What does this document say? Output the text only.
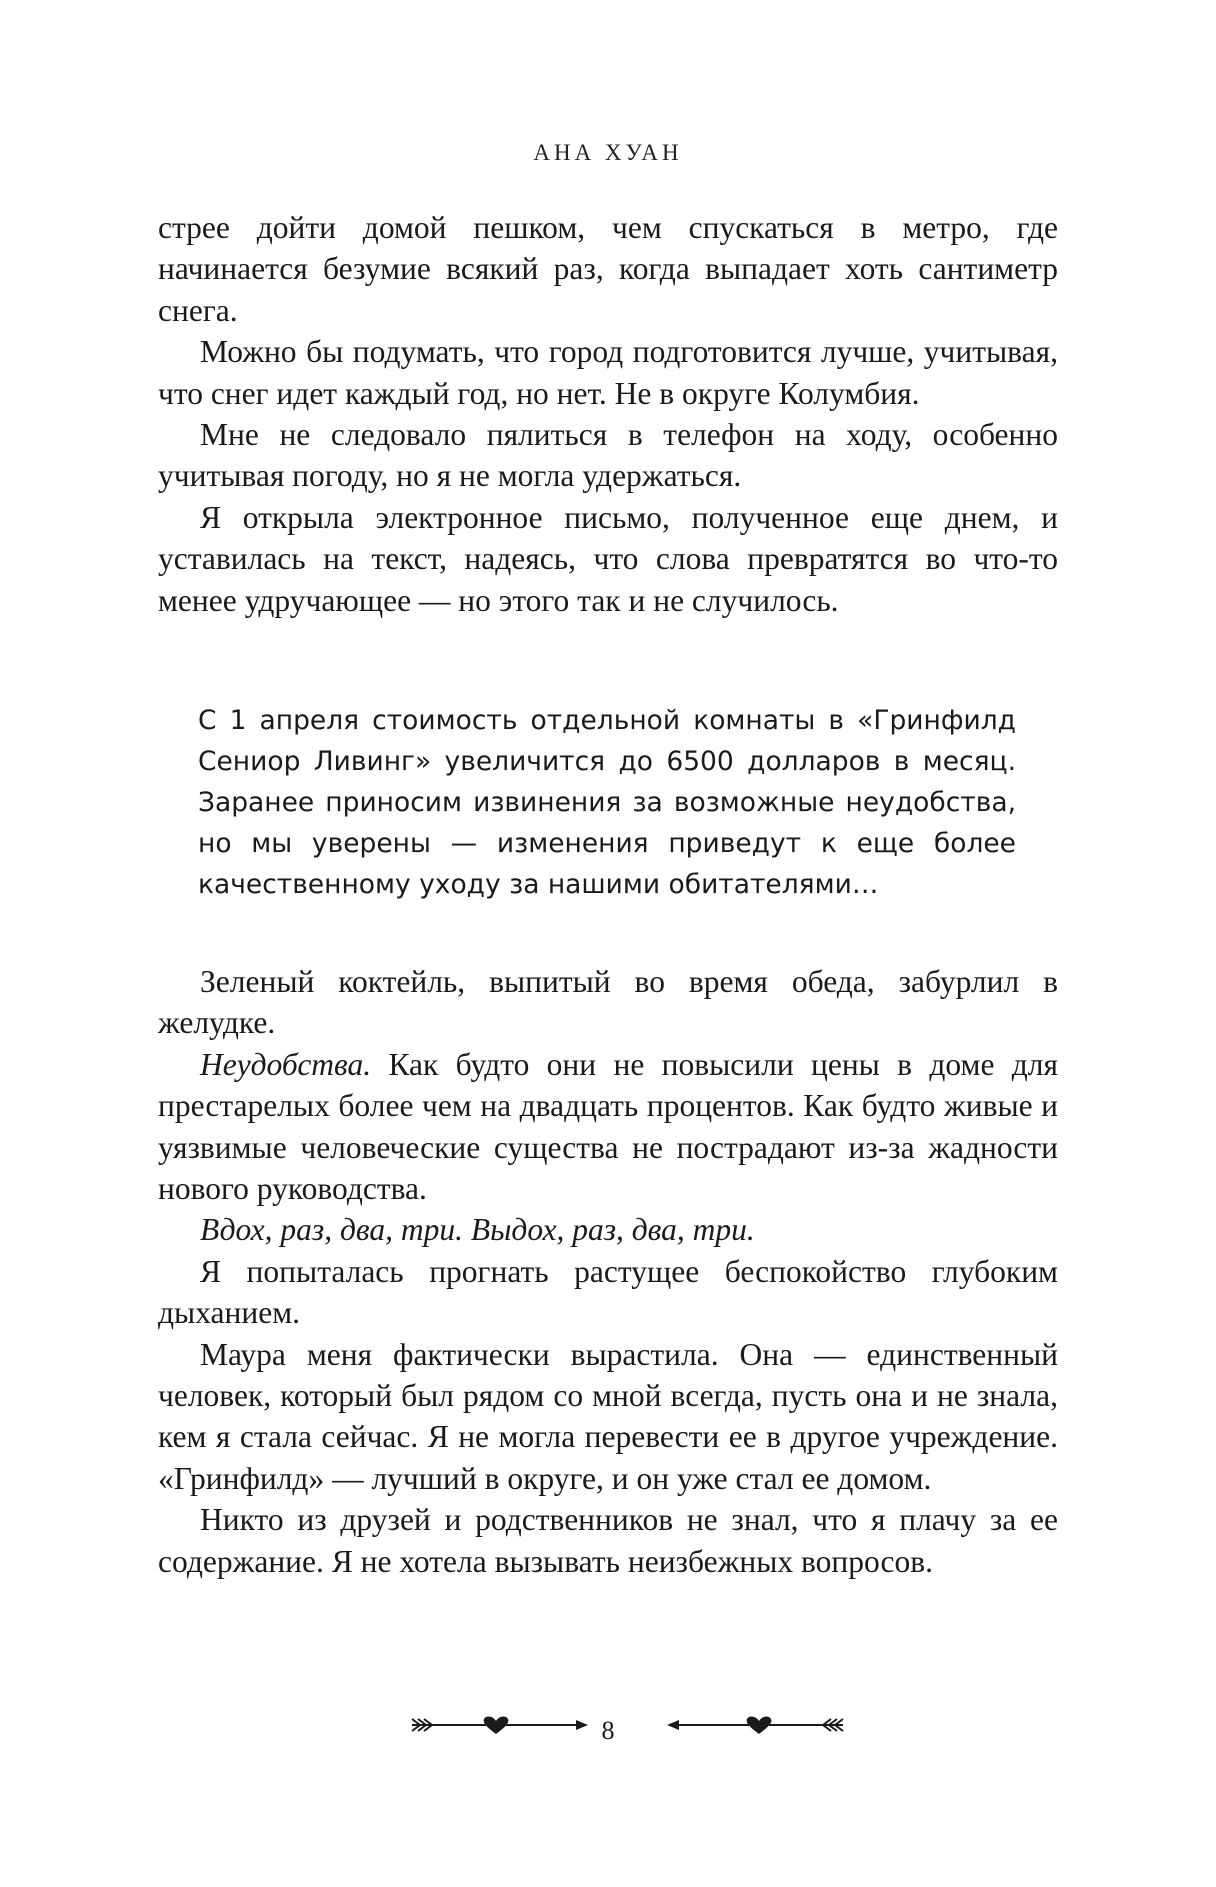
АНА ХУАН

стрее дойти домой пешком, чем спускаться в метро, где начинается безумие всякий раз, когда выпадает хоть сантиметр снега.

Можно бы подумать, что город подготовится лучше, учитывая, что снег идет каждый год, но нет. Не в округе Колумбия.

Мне не следовало пялиться в телефон на ходу, особенно учитывая погоду, но я не могла удержаться.

Я открыла электронное письмо, полученное еще днем, и уставилась на текст, надеясь, что слова превратятся во что-то менее удручающее — но этого так и не случилось.

С 1 апреля стоимость отдельной комнаты в «Гринфилд Сениор Ливинг» увеличится до 6500 долларов в месяц. Заранее приносим извинения за возможные неудобства, но мы уверены — изменения приведут к еще более качественному уходу за нашими обитателями…

Зеленый коктейль, выпитый во время обеда, забурлил в желудке.

Неудобства. Как будто они не повысили цены в доме для престарелых более чем на двадцать процентов. Как будто живые и уязвимые человеческие существа не пострадают из-за жадности нового руководства.

Вдох, раз, два, три. Выдох, раз, два, три.

Я попыталась прогнать растущее беспокойство глубоким дыханием.

Маура меня фактически вырастила. Она — единственный человек, который был рядом со мной всегда, пусть она и не знала, кем я стала сейчас. Я не могла перевести ее в другое учреждение. «Гринфилд» — лучший в округе, и он уже стал ее домом.

Никто из друзей и родственников не знал, что я плачу за ее содержание. Я не хотела вызывать неизбежных вопросов.

8
